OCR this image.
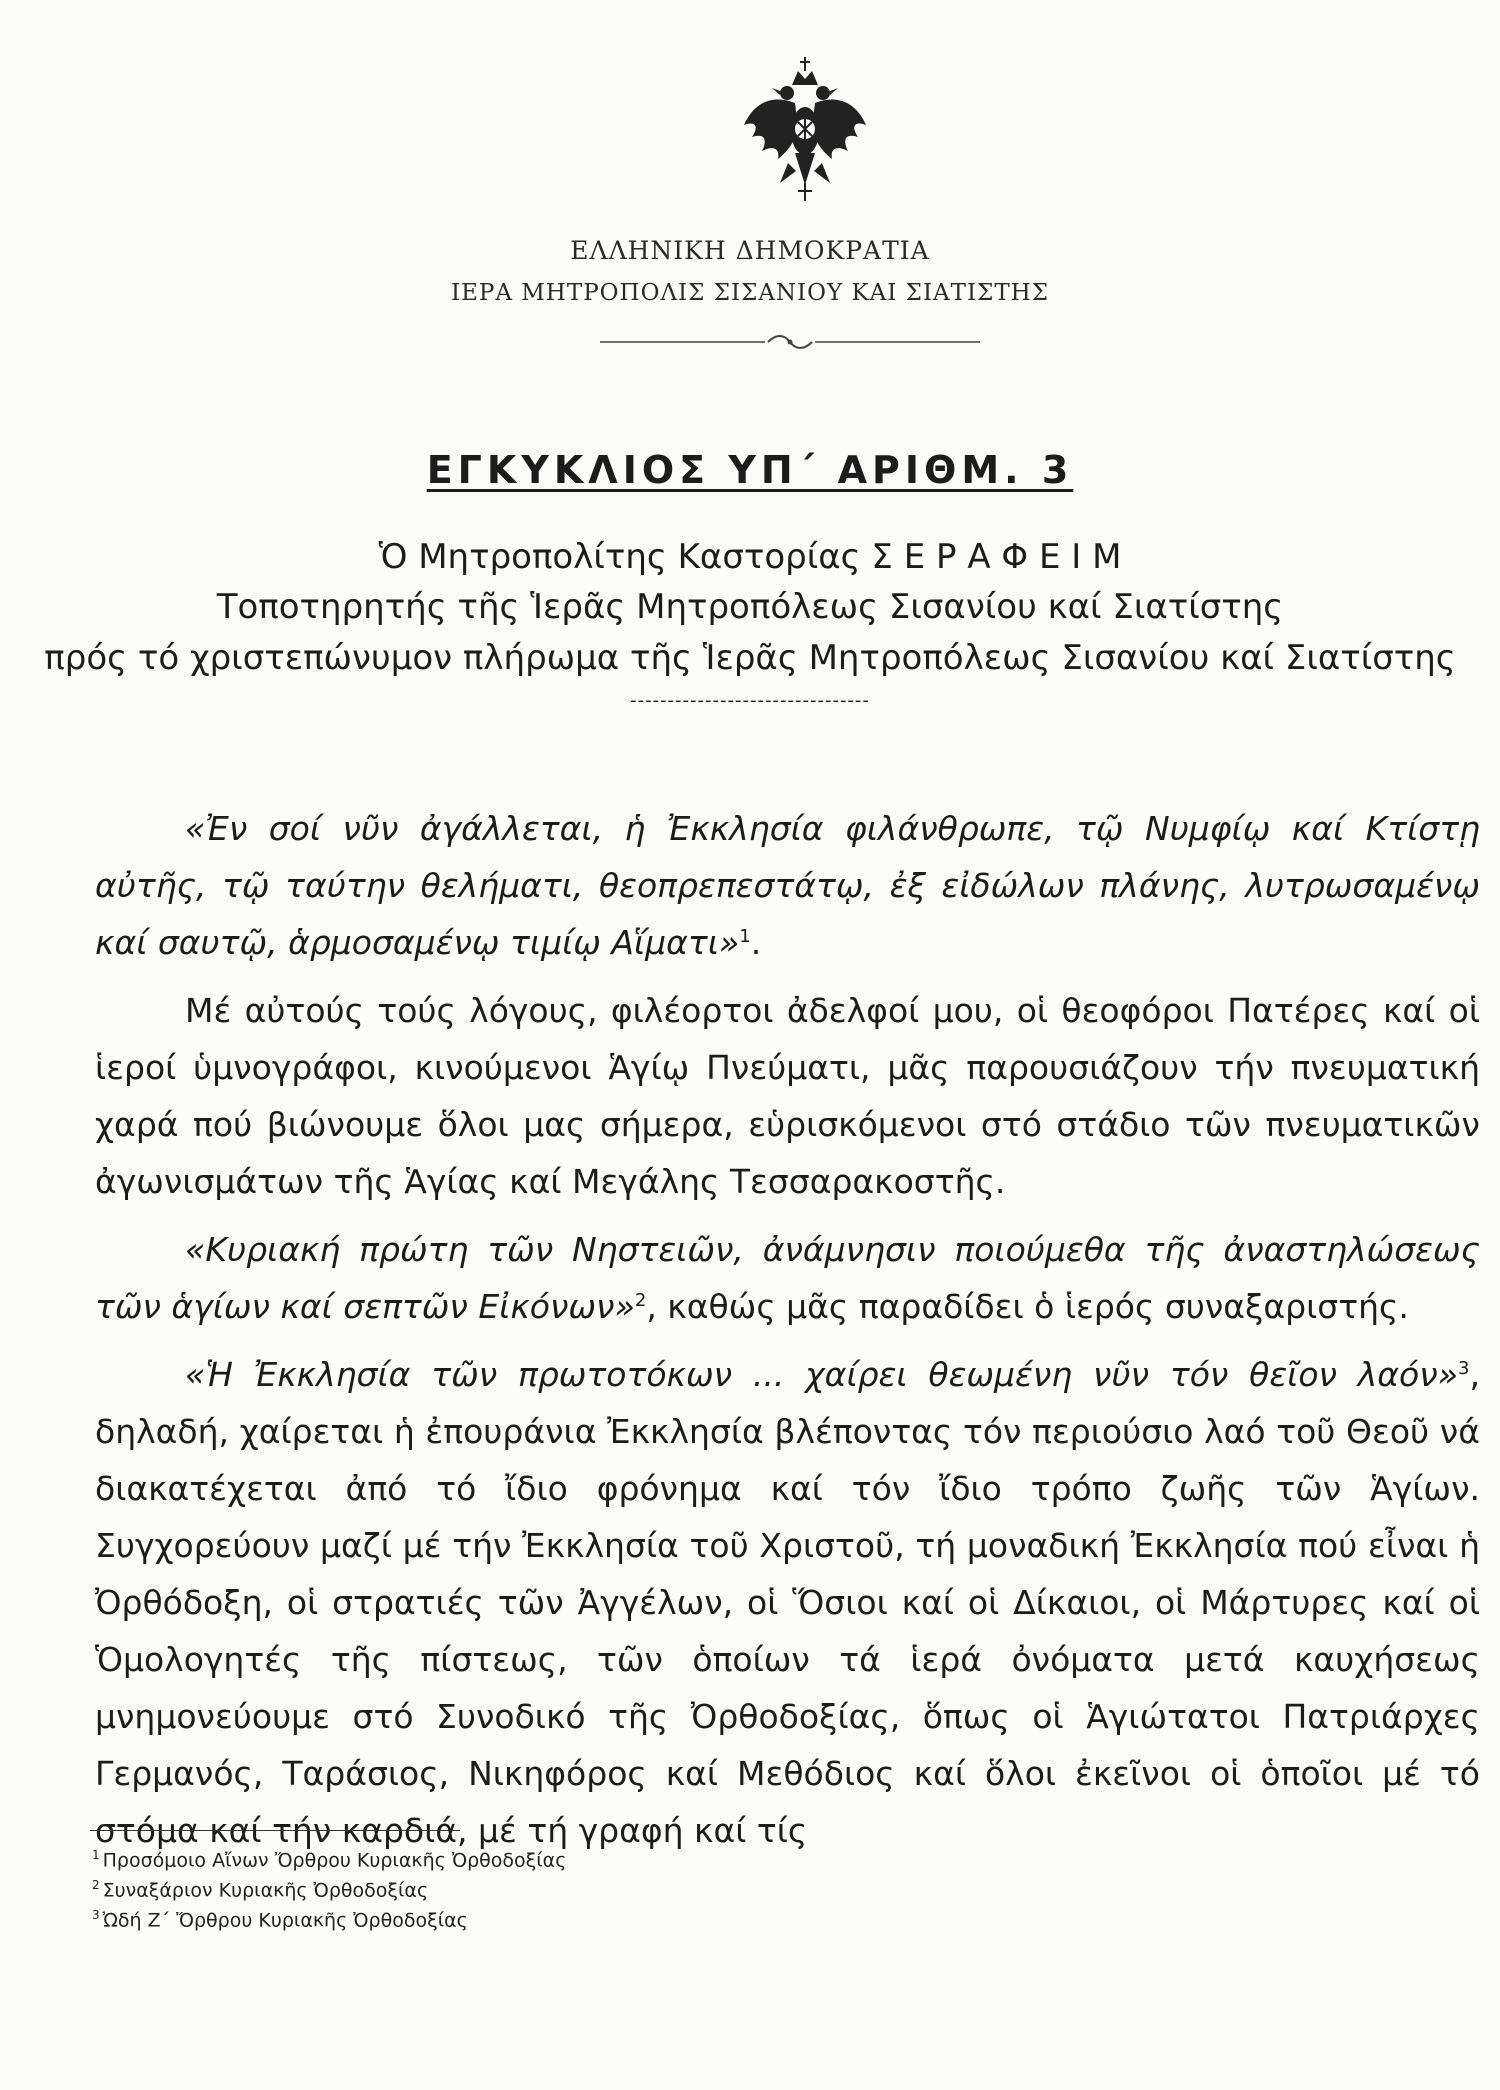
ΕΛΛΗΝΙΚΗ ΔΗΜΟΚΡΑΤΙΑ
ΙΕΡΑ ΜΗΤΡΟΠΟΛΙΣ ΣΙΣΑΝΙΟΥ ΚΑΙ ΣΙΑΤΙΣΤΗΣ
ΕΓΚΥΚΛΙΟΣ ΥΠ΄ ΑΡΙΘΜ. 3
Ὁ Μητροπολίτης Καστορίας Σ Ε Ρ Α Φ Ε Ι Μ
Τοποτηρητής τῆς Ἱερᾶς Μητροπόλεως Σισανίου καί Σιατίστης
πρός τό χριστεπώνυμον πλήρωμα τῆς Ἱερᾶς Μητροπόλεως Σισανίου καί Σιατίστης
--------------------------------

«Ἐν σοί νῦν ἀγάλλεται, ἡ Ἐκκλησία φιλάνθρωπε, τῷ Νυμφίῳ καί Κτίστῃ αὐτῆς, τῷ ταύτην θελήματι, θεοπρεπεστάτῳ, ἐξ εἰδώλων πλάνης, λυτρωσαμένῳ καί σαυτῷ, ἁρμοσαμένῳ τιμίῳ Αἵματι»$^1$.

Μέ αὐτούς τούς λόγους, φιλέορτοι ἀδελφοί μου, οἱ θεοφόροι Πατέρες καί οἱ ἱεροί ὑμνογράφοι, κινούμενοι Ἁγίῳ Πνεύματι, μᾶς παρουσιάζουν τήν πνευματική χαρά πού βιώνουμε ὅλοι μας σήμερα, εὑρισκόμενοι στό στάδιο τῶν πνευματικῶν ἀγωνισμάτων τῆς Ἁγίας καί Μεγάλης Τεσσαρακοστῆς.

«Κυριακή πρώτη τῶν Νηστειῶν, ἀνάμνησιν ποιούμεθα τῆς ἀναστηλώσεως τῶν ἁγίων καί σεπτῶν Εἰκόνων»$^2$, καθώς μᾶς παραδίδει ὁ ἱερός συναξαριστής.

«Ἡ Ἐκκλησία τῶν πρωτοτόκων ... χαίρει θεωμένη νῦν τόν θεῖον λαόν»$^3$, δηλαδή, χαίρεται ἡ ἐπουράνια Ἐκκλησία βλέποντας τόν περιούσιο λαό τοῦ Θεοῦ νά διακατέχεται ἀπό τό ἴδιο φρόνημα καί τόν ἴδιο τρόπο ζωῆς τῶν Ἁγίων. Συγχορεύουν μαζί μέ τήν Ἐκκλησία τοῦ Χριστοῦ, τή μοναδική Ἐκκλησία πού εἶναι ἡ Ὀρθόδοξη, οἱ στρατιές τῶν Ἀγγέλων, οἱ Ὅσιοι καί οἱ Δίκαιοι, οἱ Μάρτυρες καί οἱ Ὁμολογητές τῆς πίστεως, τῶν ὁποίων τά ἱερά ὀνόματα μετά καυχήσεως μνημονεύουμε στό Συνοδικό τῆς Ὀρθοδοξίας, ὅπως οἱ Ἁγιώτατοι Πατριάρχες Γερμανός, Ταράσιος, Νικηφόρος καί Μεθόδιος καί ὅλοι ἐκεῖνοι οἱ ὁποῖοι μέ τό στόμα καί τήν καρδιά, μέ τή γραφή καί τίς

$^1$ Προσόμοιο Αἴνων Ὄρθρου Κυριακῆς Ὀρθοδοξίας
$^2$ Συναξάριον Κυριακῆς Ὀρθοδοξίας
$^3$ Ὠδή Ζ΄ Ὄρθρου Κυριακῆς Ὀρθοδοξίας
